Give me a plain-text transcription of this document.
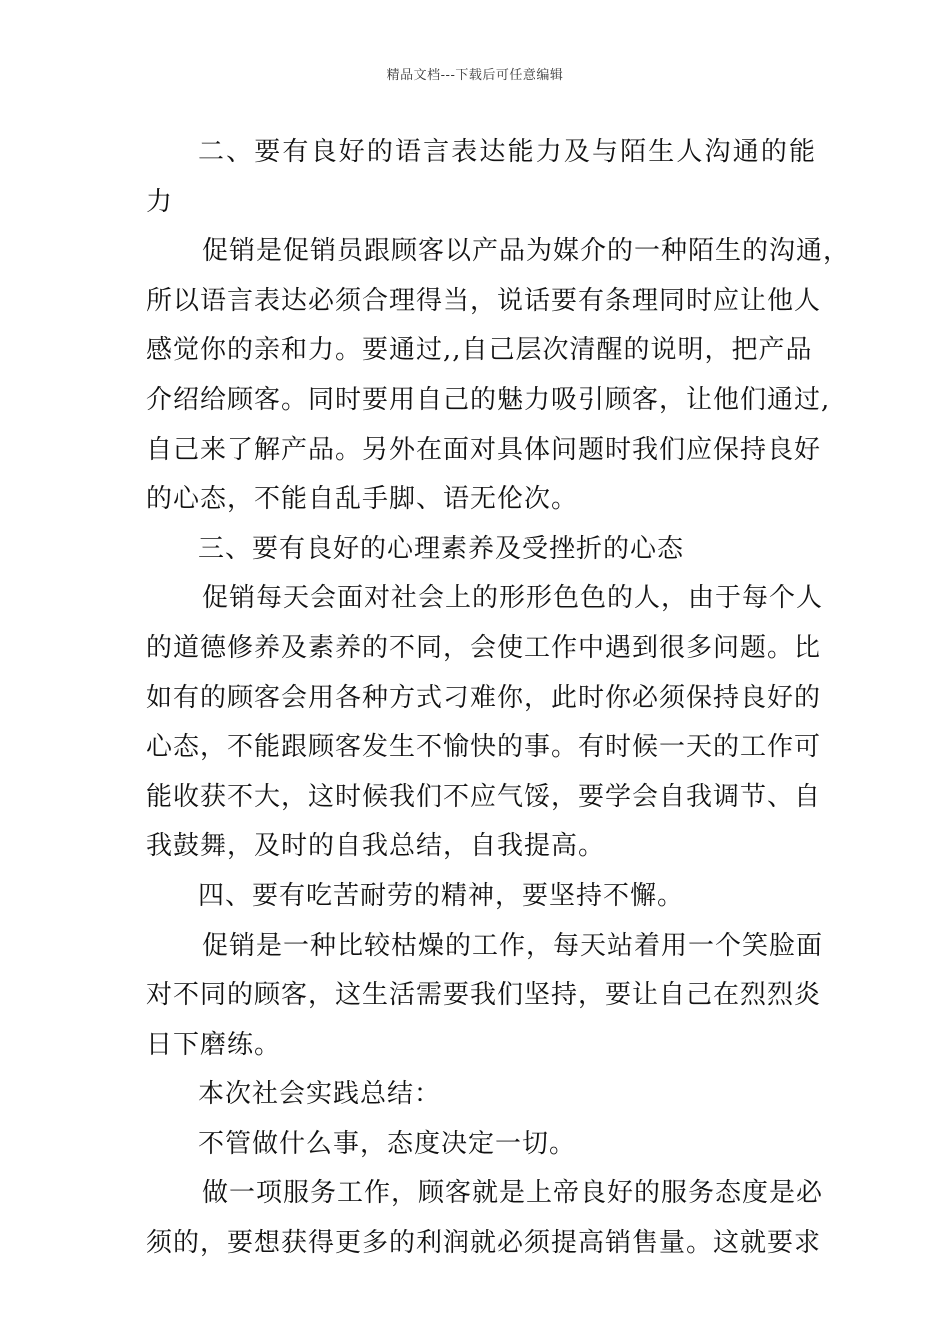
精品文档---下载后可任意编辑

二、要有良好的语言表达能力及与陌生人沟通的能力

促销是促销员跟顾客以产品为媒介的一种陌生的沟通，
所以语言表达必须合理得当，说话要有条理同时应让他人
感觉你的亲和力。要通过,,自己层次清醒的说明，把产品
介绍给顾客。同时要用自己的魅力吸引顾客，让他们通过,
自己来了解产品。另外在面对具体问题时我们应保持良好
的心态，不能自乱手脚、语无伦次。

三、要有良好的心理素养及受挫折的心态

促销每天会面对社会上的形形色色的人，由于每个人
的道德修养及素养的不同，会使工作中遇到很多问题。比
如有的顾客会用各种方式刁难你，此时你必须保持良好的
心态，不能跟顾客发生不愉快的事。有时候一天的工作可
能收获不大，这时候我们不应气馁，要学会自我调节、自
我鼓舞，及时的自我总结，自我提高。

四、要有吃苦耐劳的精神，要坚持不懈。

促销是一种比较枯燥的工作，每天站着用一个笑脸面
对不同的顾客，这生活需要我们坚持，要让自己在烈烈炎
日下磨练。

本次社会实践总结：

不管做什么事，态度决定一切。

做一项服务工作，顾客就是上帝良好的服务态度是必
须的，要想获得更多的利润就必须提高销售量。这就要求
